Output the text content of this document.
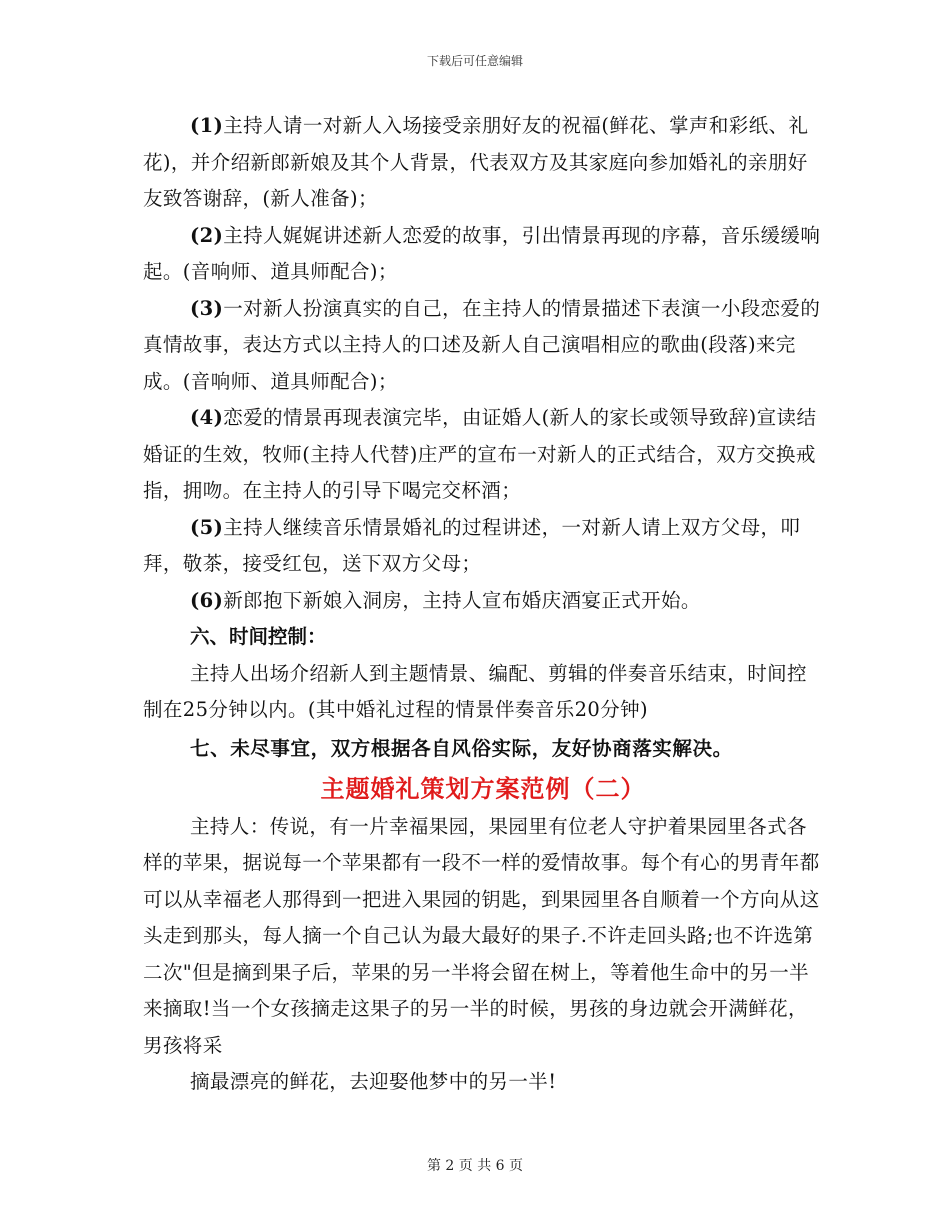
下载后可任意编辑

(1)主持人请一对新人入场接受亲朋好友的祝福(鲜花、掌声和彩纸、礼花)，并介绍新郎新娘及其个人背景，代表双方及其家庭向参加婚礼的亲朋好友致答谢辞，(新人准备)；

(2)主持人娓娓讲述新人恋爱的故事，引出情景再现的序幕，音乐缓缓响起。(音响师、道具师配合)；

(3)一对新人扮演真实的自己，在主持人的情景描述下表演一小段恋爱的真情故事，表达方式以主持人的口述及新人自己演唱相应的歌曲(段落)来完成。(音响师、道具师配合)；

(4)恋爱的情景再现表演完毕，由证婚人(新人的家长或领导致辞)宣读结婚证的生效，牧师(主持人代替)庄严的宣布一对新人的正式结合，双方交换戒指，拥吻。在主持人的引导下喝完交杯酒；

(5)主持人继续音乐情景婚礼的过程讲述，一对新人请上双方父母，叩拜，敬茶，接受红包，送下双方父母；

(6)新郎抱下新娘入洞房，主持人宣布婚庆酒宴正式开始。

六、时间控制：

主持人出场介绍新人到主题情景、编配、剪辑的伴奏音乐结束，时间控制在25分钟以内。(其中婚礼过程的情景伴奏音乐20分钟)

七、未尽事宜，双方根据各自风俗实际，友好协商落实解决。

主题婚礼策划方案范例（二）

主持人：传说，有一片幸福果园，果园里有位老人守护着果园里各式各样的苹果，据说每一个苹果都有一段不一样的爱情故事。每个有心的男青年都可以从幸福老人那得到一把进入果园的钥匙，到果园里各自顺着一个方向从这头走到那头，每人摘一个自己认为最大最好的果子.不许走回头路;也不许选第二次"但是摘到果子后，苹果的另一半将会留在树上，等着他生命中的另一半来摘取!当一个女孩摘走这果子的另一半的时候，男孩的身边就会开满鲜花，男孩将采

摘最漂亮的鲜花，去迎娶他梦中的另一半!

第 2 页 共 6 页
